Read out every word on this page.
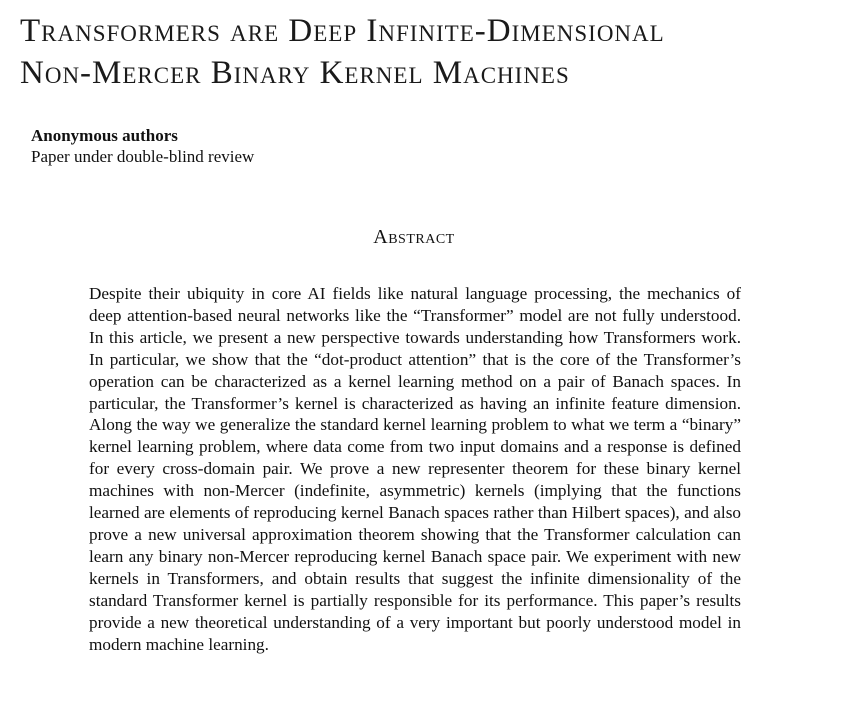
Transformers are Deep Infinite-Dimensional
Non-Mercer Binary Kernel Machines
Anonymous authors
Paper under double-blind review
Abstract

Despite their ubiquity in core AI fields like natural language processing, the mechanics of deep attention-based neural networks like the “Transformer” model are not fully understood. In this article, we present a new perspective towards understanding how Transformers work. In particular, we show that the “dot-product attention” that is the core of the Transformer’s operation can be characterized as a kernel learning method on a pair of Banach spaces. In particular, the Transformer’s kernel is characterized as having an infinite feature dimension. Along the way we generalize the standard kernel learning problem to what we term a “binary” kernel learning problem, where data come from two input domains and a response is defined for every cross-domain pair. We prove a new representer theorem for these binary kernel machines with non-Mercer (indefinite, asymmetric) kernels (implying that the functions learned are elements of reproducing kernel Banach spaces rather than Hilbert spaces), and also prove a new universal approximation theorem showing that the Transformer calculation can learn any binary non-Mercer reproducing kernel Banach space pair. We experiment with new kernels in Transformers, and obtain results that suggest the infinite dimensionality of the standard Transformer kernel is partially responsible for its performance. This paper’s results provide a new theoretical understanding of a very important but poorly understood model in modern machine learning.
